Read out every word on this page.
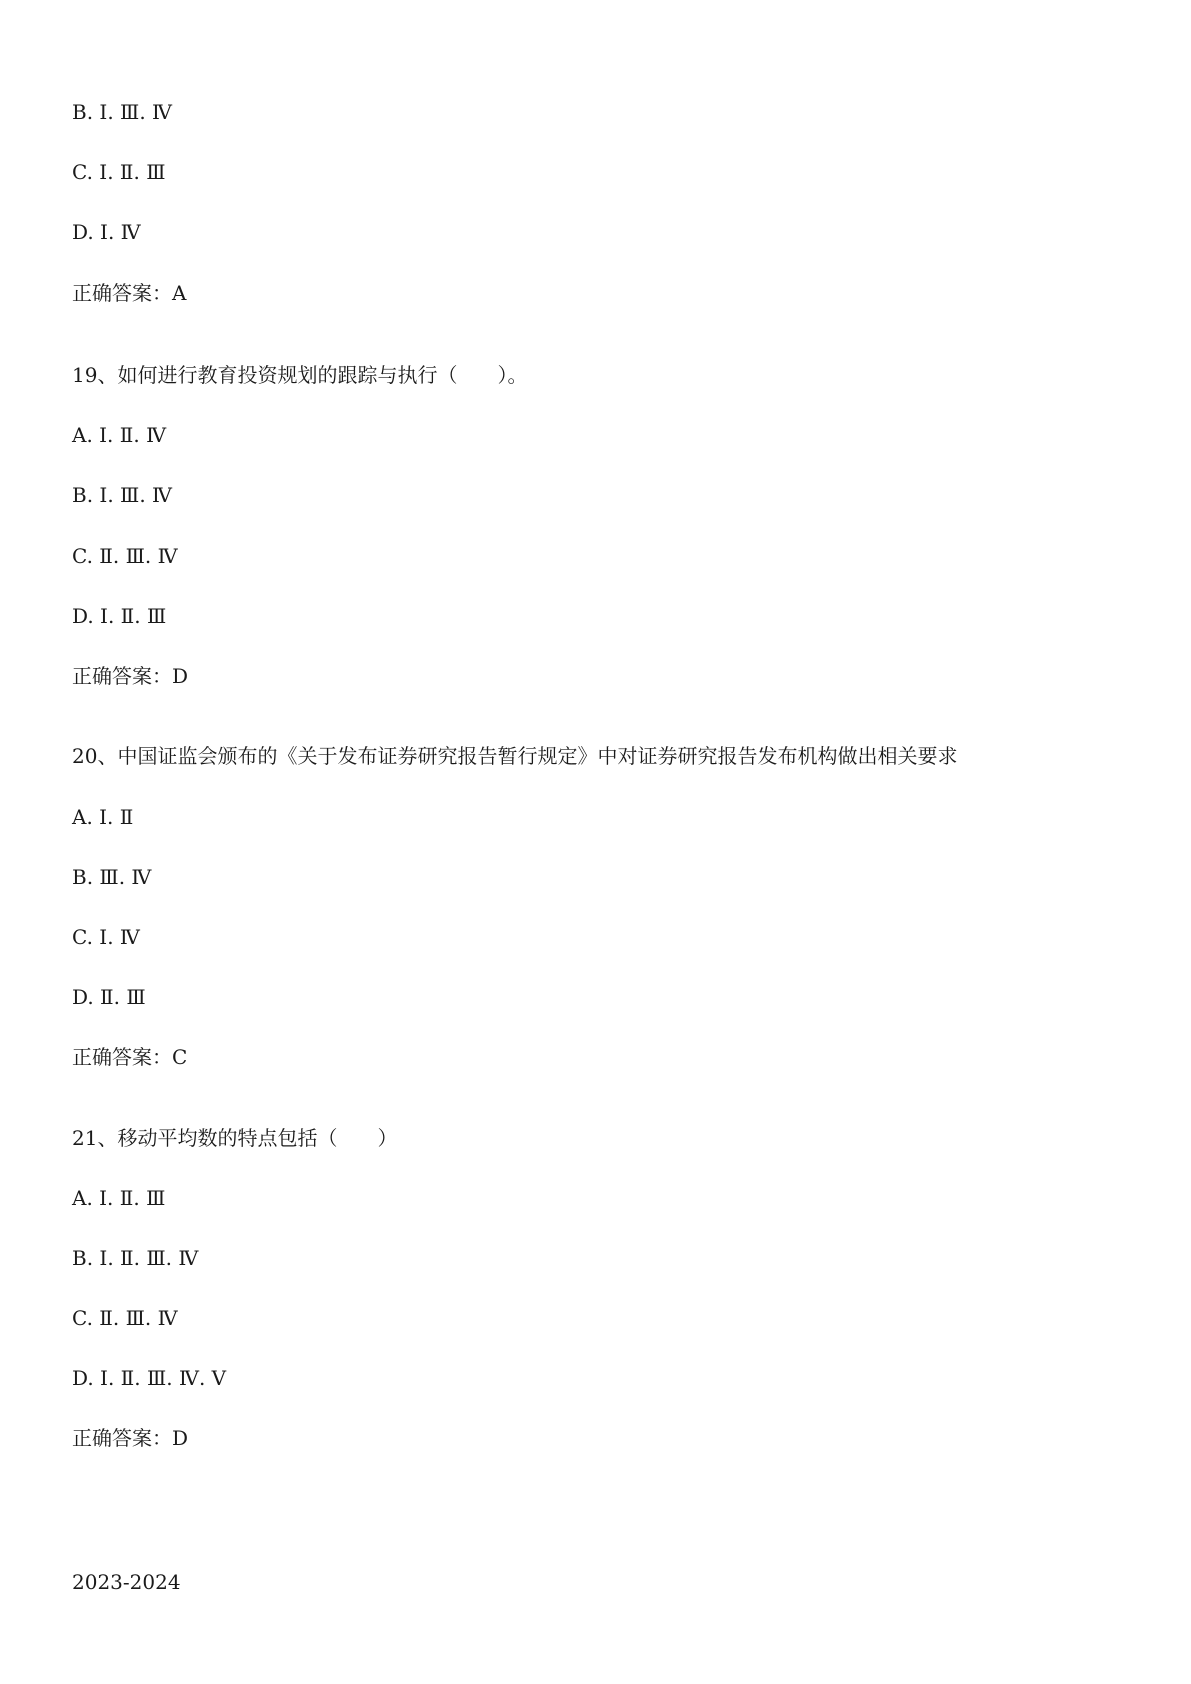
B. Ⅰ. Ⅲ. Ⅳ

C. Ⅰ. Ⅱ. Ⅲ

D. Ⅰ. Ⅳ

正确答案：A

19、如何进行教育投资规划的跟踪与执行（　　）。

A. Ⅰ. Ⅱ. Ⅳ

B. Ⅰ. Ⅲ. Ⅳ

C. Ⅱ. Ⅲ. Ⅳ

D. Ⅰ. Ⅱ. Ⅲ

正确答案：D

20、中国证监会颁布的《关于发布证券研究报告暂行规定》中对证券研究报告发布机构做出相关要求

A. Ⅰ. Ⅱ

B. Ⅲ. Ⅳ

C. Ⅰ. Ⅳ

D. Ⅱ. Ⅲ

正确答案：C

21、移动平均数的特点包括（　　）

A. Ⅰ. Ⅱ. Ⅲ

B. Ⅰ. Ⅱ. Ⅲ. Ⅳ

C. Ⅱ. Ⅲ. Ⅳ

D. Ⅰ. Ⅱ. Ⅲ. Ⅳ. Ⅴ

正确答案：D

2023-2024
